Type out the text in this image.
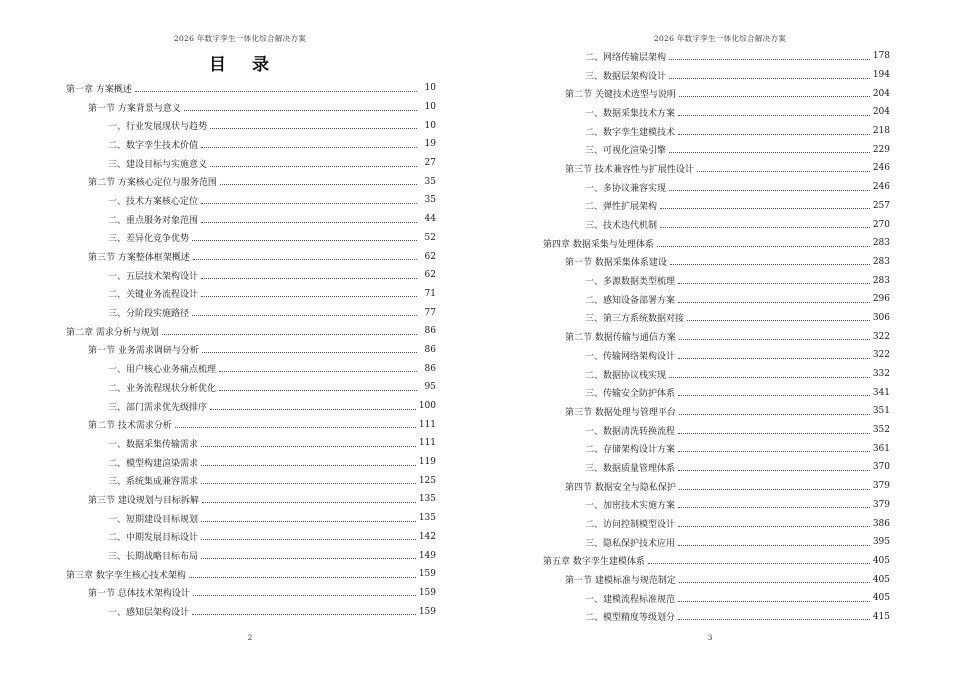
2026 年数字孪生一体化综合解决方案
目 录
第一章 方案概述	10
第一节 方案背景与意义	10
一、行业发展现状与趋势	10
二、数字孪生技术价值	19
三、建设目标与实施意义	27
第二节 方案核心定位与服务范围	35
一、技术方案核心定位	35
二、重点服务对象范围	44
三、差异化竞争优势	52
第三节 方案整体框架概述	62
一、五层技术架构设计	62
二、关键业务流程设计	71
三、分阶段实施路径	77
第二章 需求分析与规划	86
第一节 业务需求调研与分析	86
一、用户核心业务痛点梳理	86
二、业务流程现状分析优化	95
三、部门需求优先级排序	100
第二节 技术需求分析	111
一、数据采集传输需求	111
二、模型构建渲染需求	119
三、系统集成兼容需求	125
第三节 建设规划与目标拆解	135
一、短期建设目标规划	135
二、中期发展目标设计	142
三、长期战略目标布局	149
第三章 数字孪生核心技术架构	159
第一节 总体技术架构设计	159
一、感知层架构设计	159
2
2026 年数字孪生一体化综合解决方案
二、网络传输层架构	178
三、数据层架构设计	194
第二节 关键技术选型与说明	204
一、数据采集技术方案	204
二、数字孪生建模技术	218
三、可视化渲染引擎	229
第三节 技术兼容性与扩展性设计	246
一、多协议兼容实现	246
二、弹性扩展架构	257
三、技术迭代机制	270
第四章 数据采集与处理体系	283
第一节 数据采集体系建设	283
一、多源数据类型梳理	283
二、感知设备部署方案	296
三、第三方系统数据对接	306
第二节 数据传输与通信方案	322
一、传输网络架构设计	322
二、数据协议栈实现	332
三、传输安全防护体系	341
第三节 数据处理与管理平台	351
一、数据清洗转换流程	352
二、存储架构设计方案	361
三、数据质量管理体系	370
第四节 数据安全与隐私保护	379
一、加密技术实施方案	379
二、访问控制模型设计	386
三、隐私保护技术应用	395
第五章 数字孪生建模体系	405
第一节 建模标准与规范制定	405
一、建模流程标准规范	405
二、模型精度等级划分	415
3
